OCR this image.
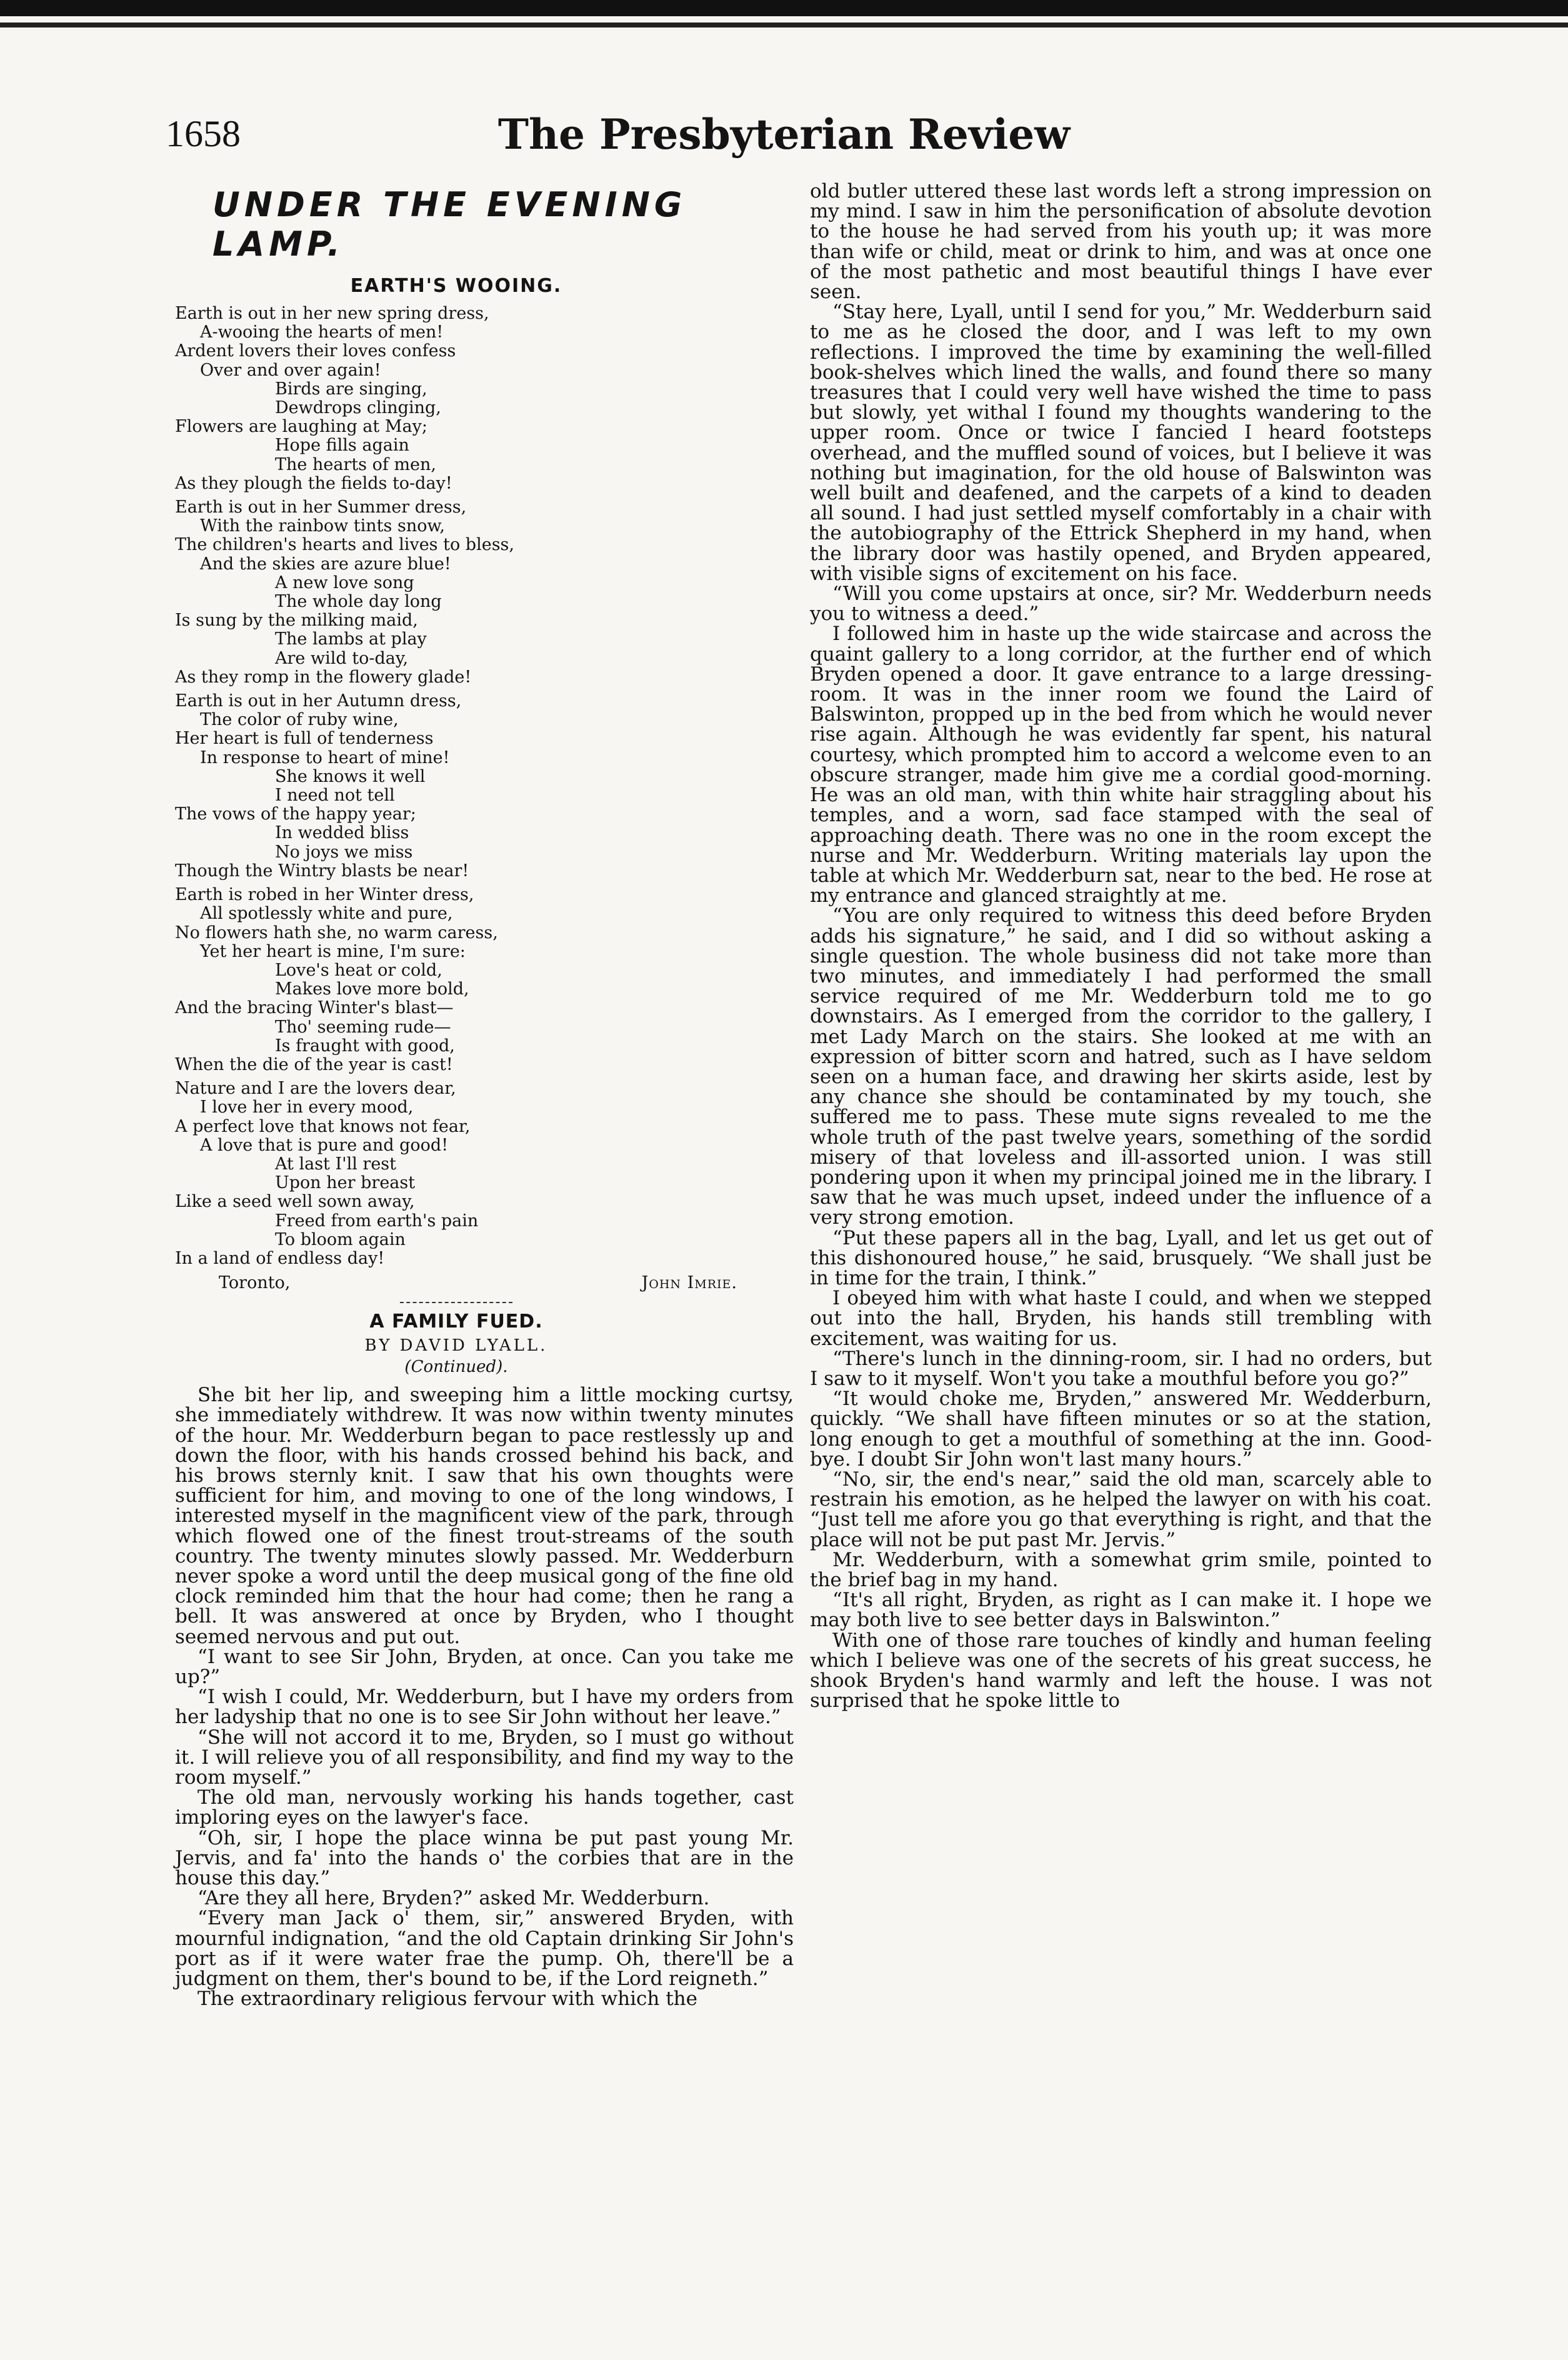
1658	The Presbyterian Review
UNDER THE EVENING LAMP.
EARTH'S WOOING.
Earth is out in her new spring dress,
A-wooing the hearts of men!
Ardent lovers their loves confess
Over and over again!
Birds are singing,
Dewdrops clinging,
Flowers are laughing at May;
Hope fills again
The hearts of men,
As they plough the fields to-day!
Earth is out in her Summer dress,
With the rainbow tints snow,
The children's hearts and lives to bless,
And the skies are azure blue!
A new love song
The whole day long
Is sung by the milking maid,
The lambs at play
Are wild to-day,
As they romp in the flowery glade!
Earth is out in her Autumn dress,
The color of ruby wine,
Her heart is full of tenderness
In response to heart of mine!
She knows it well
I need not tell
The vows of the happy year;
In wedded bliss
No joys we miss
Though the Wintry blasts be near!
Earth is robed in her Winter dress,
All spotlessly white and pure,
No flowers hath she, no warm caress,
Yet her heart is mine, I'm sure:
Love's heat or cold,
Makes love more bold,
And the bracing Winter's blast—
Tho' seeming rude—
Is fraught with good,
When the die of the year is cast!
Nature and I are the lovers dear,
I love her in every mood,
A perfect love that knows not fear,
A love that is pure and good!
At last I'll rest
Upon her breast
Like a seed well sown away,
Freed from earth's pain
To bloom again
In a land of endless day!
Toronto,	John Imrie.
A FAMILY FUED.
BY DAVID LYALL.
(Continued).

She bit her lip, and sweeping him a little mocking curtsy, she immediately withdrew. It was now within twenty minutes of the hour. Mr. Wedderburn began to pace restlessly up and down the floor, with his hands crossed behind his back, and his brows sternly knit. I saw that his own thoughts were sufficient for him, and moving to one of the long windows, I interested myself in the magnificent view of the park, through which flowed one of the finest trout-streams of the south country. The twenty minutes slowly passed. Mr. Wedderburn never spoke a word until the deep musical gong of the fine old clock reminded him that the hour had come; then he rang a bell. It was answered at once by Bryden, who I thought seemed nervous and put out.

“I want to see Sir John, Bryden, at once. Can you take me up?”

“I wish I could, Mr. Wedderburn, but I have my orders from her ladyship that no one is to see Sir John without her leave.”

“She will not accord it to me, Bryden, so I must go without it. I will relieve you of all responsibility, and find my way to the room myself.”

The old man, nervously working his hands together, cast imploring eyes on the lawyer's face.

“Oh, sir, I hope the place winna be put past young Mr. Jervis, and fa' into the hands o' the corbies that are in the house this day.”

“Are they all here, Bryden?” asked Mr. Wedderburn.

“Every man Jack o' them, sir,” answered Bryden, with mournful indignation, “and the old Captain drinking Sir John's port as if it were water frae the pump. Oh, there'll be a judgment on them, ther's bound to be, if the Lord reigneth.”

The extraordinary religious fervour with which the

old butler uttered these last words left a strong impression on my mind. I saw in him the personification of absolute devotion to the house he had served from his youth up; it was more than wife or child, meat or drink to him, and was at once one of the most pathetic and most beautiful things I have ever seen.

“Stay here, Lyall, until I send for you,” Mr. Wedderburn said to me as he closed the door, and I was left to my own reflections. I improved the time by examining the well-filled book-shelves which lined the walls, and found there so many treasures that I could very well have wished the time to pass but slowly, yet withal I found my thoughts wandering to the upper room. Once or twice I fancied I heard footsteps overhead, and the muffled sound of voices, but I believe it was nothing but imagination, for the old house of Balswinton was well built and deafened, and the carpets of a kind to deaden all sound. I had just settled myself comfortably in a chair with the autobiography of the Ettrick Shepherd in my hand, when the library door was hastily opened, and Bryden appeared, with visible signs of excitement on his face.

“Will you come upstairs at once, sir? Mr. Wedderburn needs you to witness a deed.”

I followed him in haste up the wide staircase and across the quaint gallery to a long corridor, at the further end of which Bryden opened a door. It gave entrance to a large dressing-room. It was in the inner room we found the Laird of Balswinton, propped up in the bed from which he would never rise again. Although he was evidently far spent, his natural courtesy, which prompted him to accord a welcome even to an obscure stranger, made him give me a cordial good-morning. He was an old man, with thin white hair straggling about his temples, and a worn, sad face stamped with the seal of approaching death. There was no one in the room except the nurse and Mr. Wedderburn. Writing materials lay upon the table at which Mr. Wedderburn sat, near to the bed. He rose at my entrance and glanced straightly at me.

“You are only required to witness this deed before Bryden adds his signature,” he said, and I did so without asking a single question. The whole business did not take more than two minutes, and immediately I had performed the small service required of me Mr. Wedderburn told me to go downstairs. As I emerged from the corridor to the gallery, I met Lady March on the stairs. She looked at me with an expression of bitter scorn and hatred, such as I have seldom seen on a human face, and drawing her skirts aside, lest by any chance she should be contaminated by my touch, she suffered me to pass. These mute signs revealed to me the whole truth of the past twelve years, something of the sordid misery of that loveless and ill-assorted union. I was still pondering upon it when my principal joined me in the library. I saw that he was much upset, indeed under the influence of a very strong emotion.

“Put these papers all in the bag, Lyall, and let us get out of this dishonoured house,” he said, brusquely. “We shall just be in time for the train, I think.”

I obeyed him with what haste I could, and when we stepped out into the hall, Bryden, his hands still trembling with excitement, was waiting for us.

“There's lunch in the dinning-room, sir. I had no orders, but I saw to it myself. Won't you take a mouthful before you go?”

“It would choke me, Bryden,” answered Mr. Wedderburn, quickly. “We shall have fifteen minutes or so at the station, long enough to get a mouthful of something at the inn. Good-bye. I doubt Sir John won't last many hours.”

“No, sir, the end's near,” said the old man, scarcely able to restrain his emotion, as he helped the lawyer on with his coat. “Just tell me afore you go that everything is right, and that the place will not be put past Mr. Jervis.”

Mr. Wedderburn, with a somewhat grim smile, pointed to the brief bag in my hand.

“It's all right, Bryden, as right as I can make it. I hope we may both live to see better days in Balswinton.”

With one of those rare touches of kindly and human feeling which I believe was one of the secrets of his great success, he shook Bryden's hand warmly and left the house. I was not surprised that he spoke little to
